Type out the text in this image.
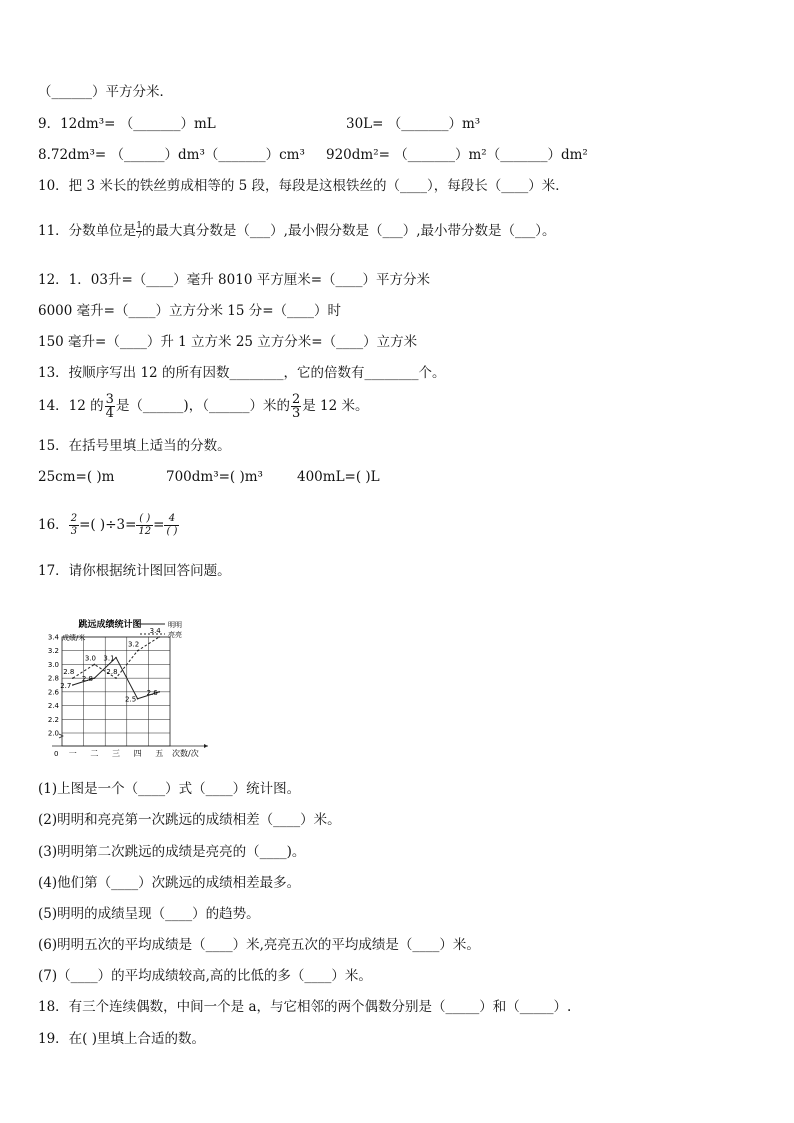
（______）平方分米．
9．12dm³= （_______）mL	30L= （_______）m³
8.72dm³= （______）dm³（_______）cm³ 920dm²= （_______）m²（_______）dm²
10．把 3 米长的铁丝剪成相等的 5 段，每段是这根铁丝的（____），每段长（____）米．
11．分数单位是 $\frac{1}{7}$的最大真分数是（___）,最小假分数是（___）,最小带分数是（___）。
12．1．03升=（____）毫升 8010 平方厘米=（____）平方分米
6000 毫升=（____）立方分米 15 分=（____）时
150 毫升=（____）升 1 立方米 25 立方分米=（____）立方米
13．按顺序写出 12 的所有因数________，它的倍数有________个。
14．12 的 $\frac{3}{4}$ 是（______)，（______）米的 $\frac{2}{3}$ 是 12 米。
15．在括号里填上适当的分数。
25cm=( )m	700dm³=( )m³	400mL=( )L
16． $\frac{2}{3}$ =( )÷3= ( )
12 = 4
( )
17．请你根据统计图回答问题。
跳远成绩统计图
成绩/米
2.0
2.2
2.4
2.6
2.8
3.0
3.2
3.4
0 一 二 三 四 五 次数/次
2.7
2.8
3.1
2.5
2.6
2.8
3.0
2.8
3.2
3.4
明明
亮亮
(1)上图是一个（____）式（____）统计图。
(2)明明和亮亮第一次跳远的成绩相差（____）米。
(3)明明第二次跳远的成绩是亮亮的（____)。
(4)他们第（____）次跳远的成绩相差最多。
(5)明明的成绩呈现（____）的趋势。
(6)明明五次的平均成绩是（____）米,亮亮五次的平均成绩是（____）米。
(7)（____）的平均成绩较高,高的比低的多（____）米。
18．有三个连续偶数，中间一个是 a，与它相邻的两个偶数分别是（_____）和（_____）.
19．在( )里填上合适的数。
